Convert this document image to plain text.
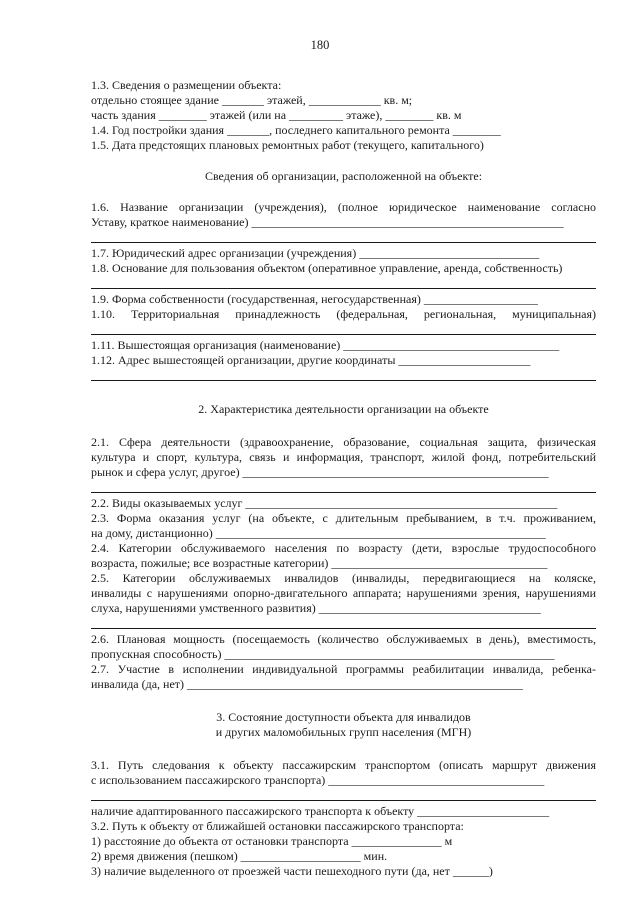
180
1.3. Сведения о размещении объекта:
отдельно стоящее здание _______ этажей, ____________ кв. м;
часть здания ________ этажей (или на _________ этаже), ________ кв. м
1.4. Год постройки здания _______, последнего капитального ремонта ________
1.5. Дата предстоящих плановых ремонтных работ (текущего, капитального)
Сведения об организации, расположенной на объекте:
1.6. Название организации (учреждения), (полное юридическое наименование согласно
Уставу, краткое наименование) ____________________________________________________
1.7. Юридический адрес организации (учреждения) ______________________________
1.8. Основание для пользования объектом (оперативное управление, аренда, собственность)
1.9. Форма собственности (государственная, негосударственная) ___________________
1.10. Территориальная принадлежность (федеральная, региональная, муниципальная)
1.11. Вышестоящая организация (наименование) ____________________________________
1.12. Адрес вышестоящей организации, другие координаты ______________________
2. Характеристика деятельности организации на объекте
2.1. Сфера деятельности (здравоохранение, образование, социальная защита, физическая
культура и спорт, культура, связь и информация, транспорт, жилой фонд, потребительский
рынок и сфера услуг, другое) ___________________________________________________
2.2. Виды оказываемых услуг ____________________________________________________
2.3. Форма оказания услуг (на объекте, с длительным пребыванием, в т.ч. проживанием,
на дому, дистанционно) _______________________________________________________
2.4. Категории обслуживаемого населения по возрасту (дети, взрослые трудоспособного
возраста, пожилые; все возрастные категории) ____________________________________
2.5. Категории обслуживаемых инвалидов (инвалиды, передвигающиеся на коляске,
инвалиды с нарушениями опорно-двигательного аппарата; нарушениями зрения, нарушениями
слуха, нарушениями умственного развития) _____________________________________
2.6. Плановая мощность (посещаемость (количество обслуживаемых в день), вместимость,
пропускная способность) _______________________________________________________
2.7. Участие в исполнении индивидуальной программы реабилитации инвалида, ребенка-
инвалида (да, нет) ________________________________________________________
3. Состояние доступности объекта для инвалидов
и других маломобильных групп населения (МГН)
3.1. Путь следования к объекту пассажирским транспортом (описать маршрут движения
с использованием пассажирского транспорта) ____________________________________
наличие адаптированного пассажирского транспорта к объекту ______________________
3.2. Путь к объекту от ближайшей остановки пассажирского транспорта:
1) расстояние до объекта от остановки транспорта _______________ м
2) время движения (пешком) ____________________ мин.
3) наличие выделенного от проезжей части пешеходного пути (да, нет ______)
